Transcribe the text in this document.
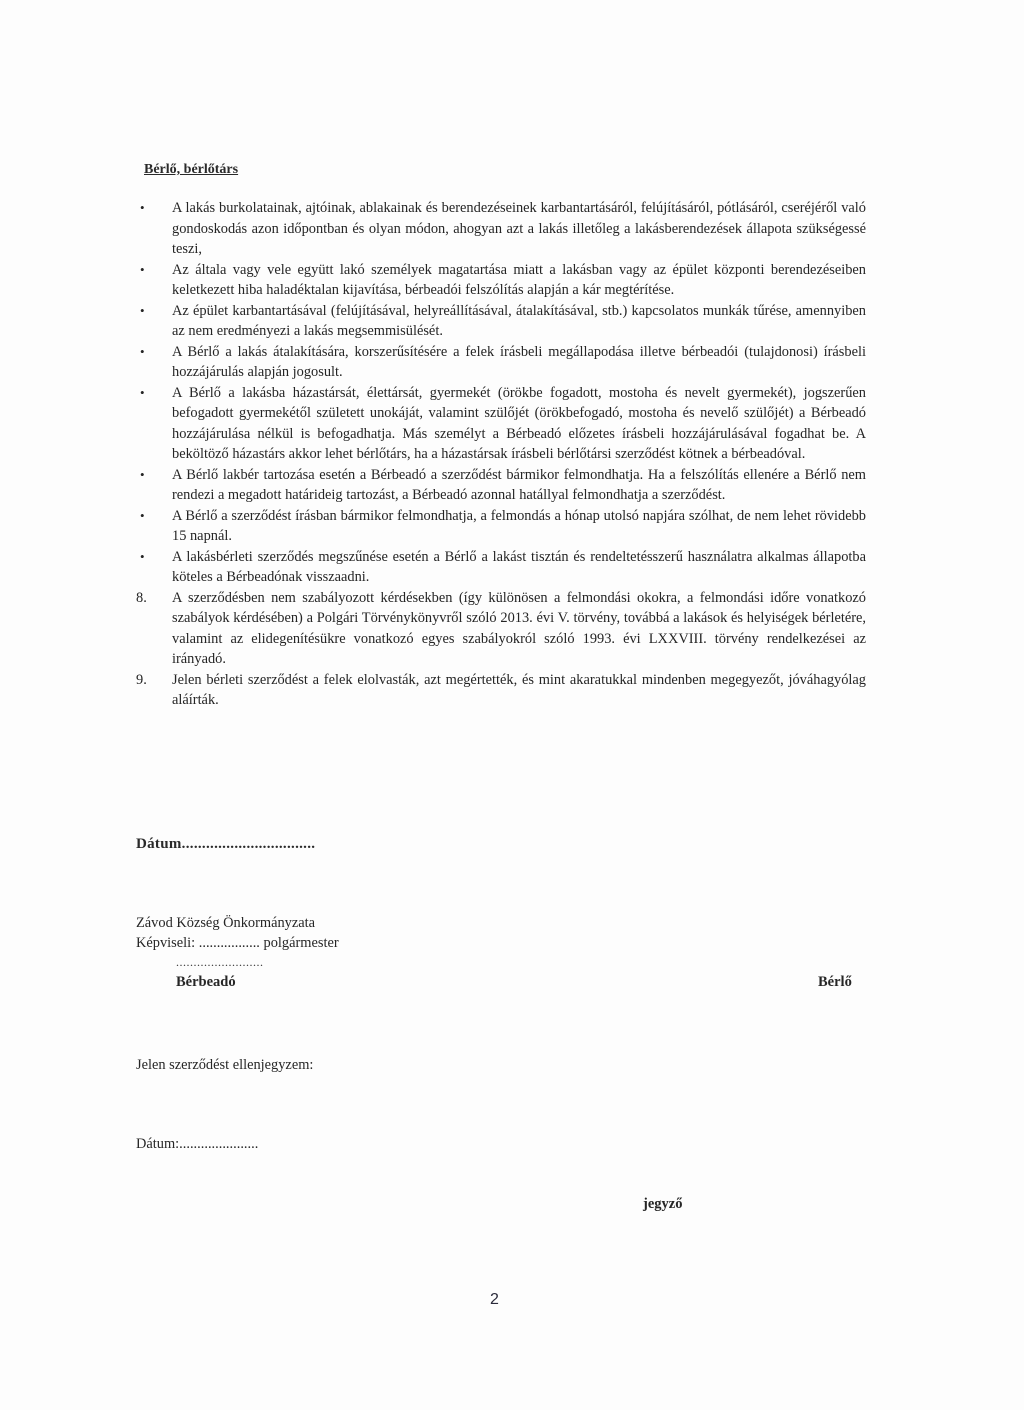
Bérlő, bérlőtárs
•	A lakás burkolatainak, ajtóinak, ablakainak és berendezéseinek karbantartásáról, felújításáról, pótlásáról, cseréjéről való gondoskodás azon időpontban és olyan módon, ahogyan azt a lakás illetőleg a lakásberendezések állapota szükségessé teszi,
•	Az általa vagy vele együtt lakó személyek magatartása miatt a lakásban vagy az épület központi berendezéseiben keletkezett hiba haladéktalan kijavítása, bérbeadói felszólítás alapján a kár megtérítése.
•	Az épület karbantartásával (felújításával, helyreállításával, átalakításával, stb.) kapcsolatos munkák tűrése, amennyiben az nem eredményezi a lakás megsemmisülését.
•	A Bérlő a lakás átalakítására, korszerűsítésére a felek írásbeli megállapodása illetve bérbeadói (tulajdonosi) írásbeli hozzájárulás alapján jogosult.
•	A Bérlő a lakásba házastársát, élettársát, gyermekét (örökbe fogadott, mostoha és nevelt gyermekét), jogszerűen befogadott gyermekétől született unokáját, valamint szülőjét (örökbefogadó, mostoha és nevelő szülőjét) a Bérbeadó hozzájárulása nélkül is befogadhatja. Más személyt a Bérbeadó előzetes írásbeli hozzájárulásával fogadhat be. A beköltöző házastárs akkor lehet bérlőtárs, ha a házastársak írásbeli bérlőtársi szerződést kötnek a bérbeadóval.
•	A Bérlő lakbér tartozása esetén a Bérbeadó a szerződést bármikor felmondhatja. Ha a felszólítás ellenére a Bérlő nem rendezi a megadott határideig tartozást, a Bérbeadó azonnal hatállyal felmondhatja a szerződést.
•	A Bérlő a szerződést írásban bármikor felmondhatja, a felmondás a hónap utolsó napjára szólhat, de nem lehet rövidebb 15 napnál.
•	A lakásbérleti szerződés megszűnése esetén a Bérlő a lakást tisztán és rendeltetésszerű használatra alkalmas állapotba köteles a Bérbeadónak visszaadni.
8.	A szerződésben nem szabályozott kérdésekben (így különösen a felmondási okokra, a felmondási időre vonatkozó szabályok kérdésében) a Polgári Törvénykönyvről szóló 2013. évi V. törvény, továbbá a lakások és helyiségek bérletére, valamint az elidegenítésükre vonatkozó egyes szabályokról szóló 1993. évi LXXVIII. törvény rendelkezései az irányadó.
9.	Jelen bérleti szerződést a felek elolvasták, azt megértették, és mint akaratukkal mindenben megegyezőt, jóváhagyólag aláírták.
Dátum.................................
Závod Község Önkormányzata
Képviseli: ................. polgármester
.........................
Bérbeadó	Bérlő
Jelen szerződést ellenjegyzem:
Dátum:......................
jegyző
2
